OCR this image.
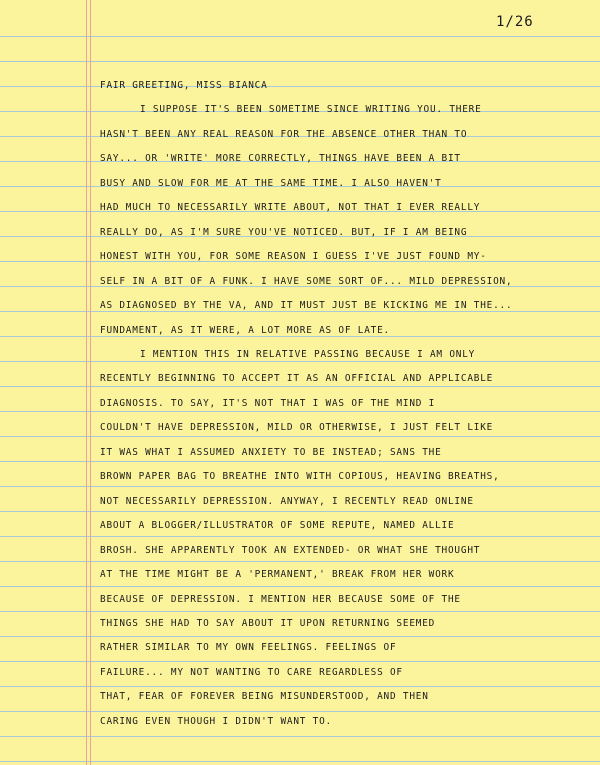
1/26
FAIR GREETING, MISS BIANCA
I SUPPOSE IT'S BEEN SOMETIME SINCE WRITING YOU. THERE
HASN'T BEEN ANY REAL REASON FOR THE ABSENCE OTHER THAN TO
SAY... OR 'WRITE' MORE CORRECTLY, THINGS HAVE BEEN A BIT
BUSY AND SLOW FOR ME AT THE SAME TIME. I ALSO HAVEN'T
HAD MUCH TO NECESSARILY WRITE ABOUT, NOT THAT I EVER REALLY
REALLY DO, AS I'M SURE YOU'VE NOTICED. BUT, IF I AM BEING
HONEST WITH YOU, FOR SOME REASON I GUESS I'VE JUST FOUND MY-
SELF IN A BIT OF A FUNK. I HAVE SOME SORT OF... MILD DEPRESSION,
AS DIAGNOSED BY THE VA, AND IT MUST JUST BE KICKING ME IN THE...
FUNDAMENT, AS IT WERE, A LOT MORE AS OF LATE.
I MENTION THIS IN RELATIVE PASSING BECAUSE I AM ONLY
RECENTLY BEGINNING TO ACCEPT IT AS AN OFFICIAL AND APPLICABLE
DIAGNOSIS. TO SAY, IT'S NOT THAT I WAS OF THE MIND I
COULDN'T HAVE DEPRESSION, MILD OR OTHERWISE, I JUST FELT LIKE
IT WAS WHAT I ASSUMED ANXIETY TO BE INSTEAD; SANS THE
BROWN PAPER BAG TO BREATHE INTO WITH COPIOUS, HEAVING BREATHS,
NOT NECESSARILY DEPRESSION. ANYWAY, I RECENTLY READ ONLINE
ABOUT A BLOGGER/ILLUSTRATOR OF SOME REPUTE, NAMED ALLIE
BROSH. SHE APPARENTLY TOOK AN EXTENDED- OR WHAT SHE THOUGHT
AT THE TIME MIGHT BE A 'PERMANENT,' BREAK FROM HER WORK
BECAUSE OF DEPRESSION. I MENTION HER BECAUSE SOME OF THE
THINGS SHE HAD TO SAY ABOUT IT UPON RETURNING SEEMED
RATHER SIMILAR TO MY OWN FEELINGS. FEELINGS OF
FAILURE... MY NOT WANTING TO CARE REGARDLESS OF
THAT, FEAR OF FOREVER BEING MISUNDERSTOOD, AND THEN
CARING EVEN THOUGH I DIDN'T WANT TO.
